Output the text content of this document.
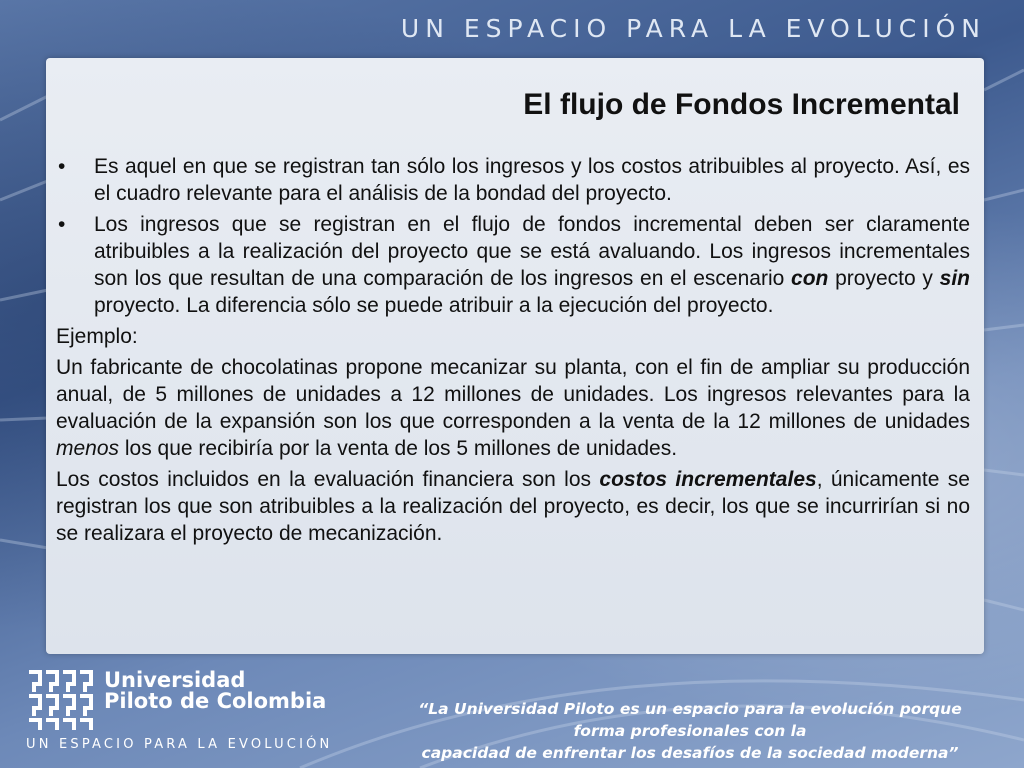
UN ESPACIO PARA LA EVOLUCIÓN
El flujo de Fondos Incremental
•	Es aquel en que se registran tan sólo los ingresos y los costos atribuibles al proyecto. Así, es el cuadro relevante para el análisis de la bondad del proyecto.
•	Los ingresos que se registran en el flujo de fondos incremental deben ser claramente atribuibles a la realización del proyecto que se está avaluando. Los ingresos incrementales son los que resultan de una comparación de los ingresos en el escenario con proyecto y sin proyecto. La diferencia sólo se puede atribuir a la ejecución del proyecto.

Ejemplo:

Un fabricante de chocolatinas propone mecanizar su planta, con el fin de ampliar su producción anual, de 5 millones de unidades a 12 millones de unidades. Los ingresos relevantes para la evaluación de la expansión son los que corresponden a la venta de la 12 millones de unidades menos los que recibiría por la venta de los 5 millones de unidades.

Los costos incluidos en la evaluación financiera son los costos incrementales, únicamente se registran los que son atribuibles a la realización del proyecto, es decir, los que se incurrirían si no se realizara el proyecto de mecanización.

Universidad
Piloto de Colombia
UN ESPACIO PARA LA EVOLUCIÓN
“La Universidad Piloto es un espacio para la evolución porque forma profesionales con la
capacidad de enfrentar los desafíos de la sociedad moderna”
